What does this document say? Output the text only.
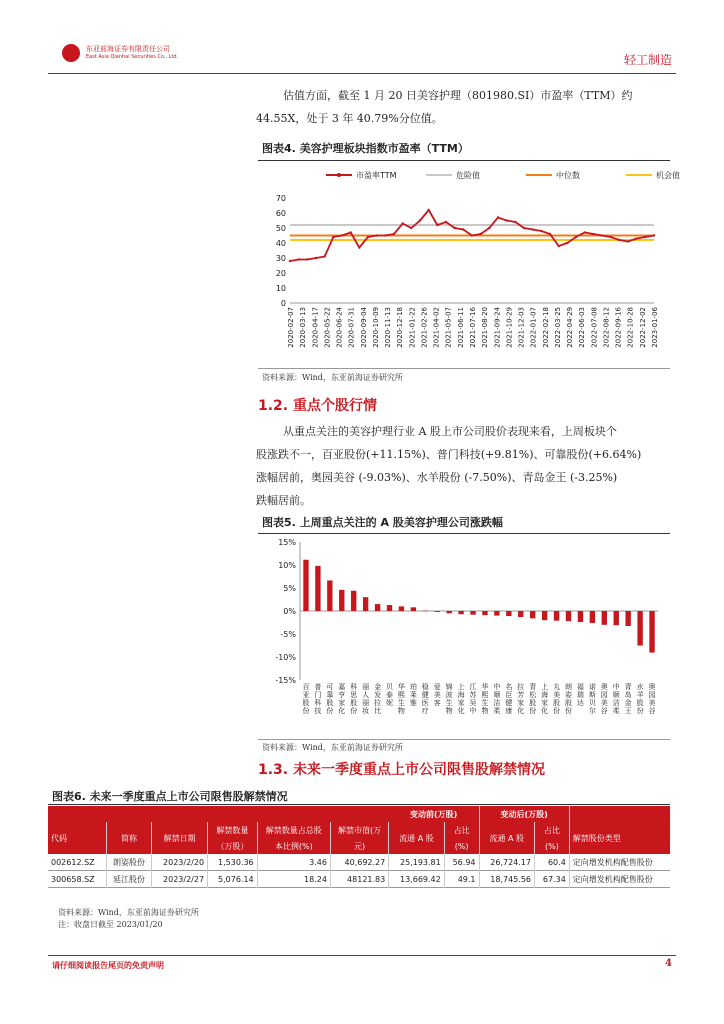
东亚前海证券有限责任公司
East Asia Qianhai Securities Co., Ltd.	轻工制造
估值方面，截至 1 月 20 日美容护理（801980.SI）市盈率（TTM）约
44.55X，处于 3 年 40.79%分位值。
图表4. 美容护理板块指数市盈率（TTM）
市盈率TTM	危险值	中位数	机会值
0
10
20
30
40
50
60
70
2020-02-07 2020-03-13 2020-04-17 2020-05-22 2020-06-24 2020-07-31 2020-09-04 2020-10-09 2020-11-13 2020-12-18 2021-01-22 2021-02-26 2021-04-02 2021-05-07 2021-06-11 2021-07-16 2021-08-20 2021-09-24 2021-10-29 2021-12-03 2022-01-07 2022-02-18 2022-03-25 2022-04-29 2022-06-03 2022-07-08 2022-08-12 2022-09-16 2022-10-28 2022-12-02 2023-01-06
资料来源：Wind，东亚前海证券研究所
1.2. 重点个股行情
从重点关注的美容护理行业 A 股上市公司股价表现来看，上周板块个
股涨跌不一，百亚股份(+11.15%)、普门科技(+9.81%)、可靠股份(+6.64%)
涨幅居前，奥园美谷 (-9.03%)、水羊股份 (-7.50%)、青岛金王 (-3.25%)
跌幅居前。
图表5. 上周重点关注的 A 股美容护理公司涨跌幅
15%
10%
5%
0%
-5%
-10%
-15%
百亚股份
普门科技
可靠股份
嘉亨家化
科思股份
丽人丽妆
金发拉比
贝泰妮
华熙生物
珀莱雅
稳健医疗
爱美客
锦波生物
上海家化
江苏吴中
华熙生物
中顺洁柔
名臣健康
拉芳家化
青松股份
上海家化
丸美股份
朗姿股份
福瑞达
诺斯贝尔
奥园美谷
中顺洁柔
青岛金王
水羊股份
奥园美谷
资料来源：Wind，东亚前海证券研究所
1.3. 未来一季度重点上市公司限售股解禁情况
图表6. 未来一季度重点上市公司限售股解禁情况
						变动前(万股)		变动后(万股)		
代码	简称	解禁日期	解禁数量	解禁数量占总股	解禁市值(万	流通 A 股	占比	流通 A 股	占比	解禁股份类型
			（万股）	本比例(%)	元)		(%)		(%)	
002612.SZ	朗姿股份	2023/2/20	1,530.36	3.46	40,692.27	25,193.81	56.94	26,724.17	60.4	定向增发机构配售股份
300658.SZ	延江股份	2023/2/27	5,076.14	18.24	48121.83	13,669.42	49.1	18,745.56	67.34	定向增发机构配售股份
资料来源：Wind，东亚前海证券研究所
注：收盘日截至 2023/01/20
请仔细阅读报告尾页的免责声明	4
